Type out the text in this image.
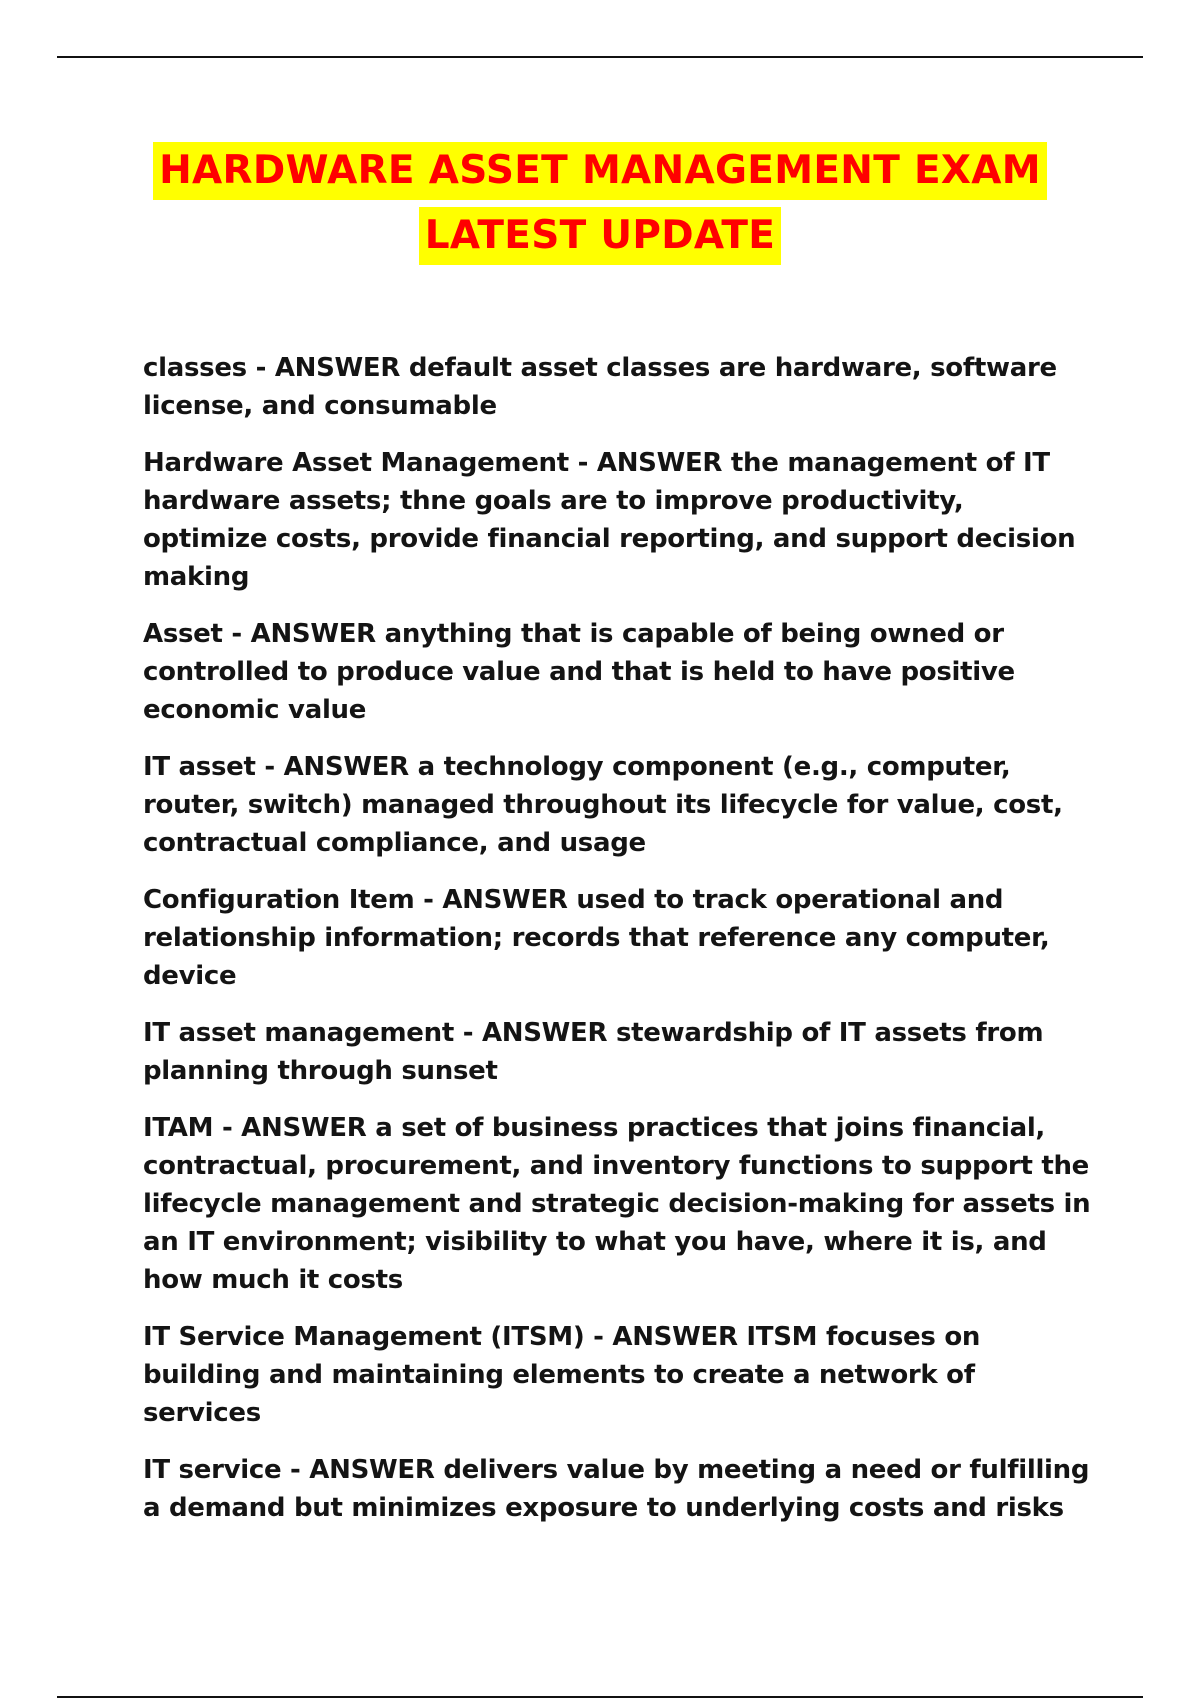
HARDWARE ASSET MANAGEMENT EXAM
LATEST UPDATE

classes - ANSWER default asset classes are hardware, software license, and consumable

Hardware Asset Management - ANSWER the management of IT hardware assets; thne goals are to improve productivity, optimize costs, provide financial reporting, and support decision making

Asset - ANSWER anything that is capable of being owned or controlled to produce value and that is held to have positive economic value

IT asset - ANSWER a technology component (e.g., computer, router, switch) managed throughout its lifecycle for value, cost, contractual compliance, and usage

Configuration Item - ANSWER used to track operational and relationship information; records that reference any computer, device

IT asset management - ANSWER stewardship of IT assets from planning through sunset

ITAM - ANSWER a set of business practices that joins financial, contractual, procurement, and inventory functions to support the lifecycle management and strategic decision-making for assets in an IT environment; visibility to what you have, where it is, and how much it costs

IT Service Management (ITSM) - ANSWER ITSM focuses on building and maintaining elements to create a network of services

IT service - ANSWER delivers value by meeting a need or fulfilling a demand but minimizes exposure to underlying costs and risks
